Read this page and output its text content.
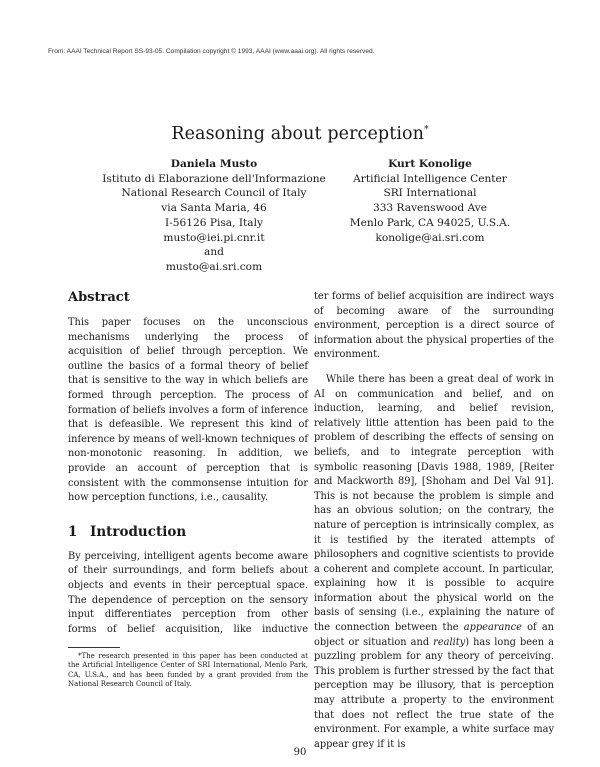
From: AAAI Technical Report SS-93-05. Compilation copyright © 1993, AAAI (www.aaai.org). All rights reserved.
Reasoning about perception*
Daniela Musto
Istituto di Elaborazione dell'Informazione
National Research Council of Italy
via Santa Maria, 46
I-56126 Pisa, Italy
musto@iei.pi.cnr.it
and
musto@ai.sri.com
Kurt Konolige
Artificial Intelligence Center
SRI International
333 Ravenswood Ave
Menlo Park, CA 94025, U.S.A.
konolige@ai.sri.com
Abstract

This paper focuses on the unconscious mechanisms underlying the process of acquisition of belief through perception. We outline the basics of a formal theory of belief that is sensitive to the way in which beliefs are formed through perception. The process of formation of beliefs involves a form of inference that is defeasible. We represent this kind of inference by means of well-known techniques of non-monotonic reasoning. In addition, we provide an account of perception that is consistent with the commonsense intuition for how perception functions, i.e., causality.

1 Introduction

By perceiving, intelligent agents become aware of their surroundings, and form beliefs about objects and events in their perceptual space. The dependence of perception on the sensory input differentiates perception from other forms of belief acquisition, like inductive

*The research presented in this paper has been conducted at the Artificial Intelligence Center of SRI International, Menlo Park, CA, U.S.A., and has been funded by a grant provided from the National Research Council of Italy.

ter forms of belief acquisition are indirect ways of becoming aware of the surrounding environment, perception is a direct source of information about the physical properties of the environment.

While there has been a great deal of work in AI on communication and belief, and on induction, learning, and belief revision, relatively little attention has been paid to the problem of describing the effects of sensing on beliefs, and to integrate perception with symbolic reasoning [Davis 1988, 1989, [Reiter and Mackworth 89], [Shoham and Del Val 91]. This is not because the problem is simple and has an obvious solution; on the contrary, the nature of perception is intrinsically complex, as it is testified by the iterated attempts of philosophers and cognitive scientists to provide a coherent and complete account. In particular, explaining how it is possible to acquire information about the physical world on the basis of sensing (i.e., explaining the nature of the connection between the appearance of an object or situation and reality) has long been a puzzling problem for any theory of perceiving. This problem is further stressed by the fact that perception may be illusory, that is perception may attribute a property to the environment that does not reflect the true state of the environment. For example, a white surface may appear grey if it is

90
